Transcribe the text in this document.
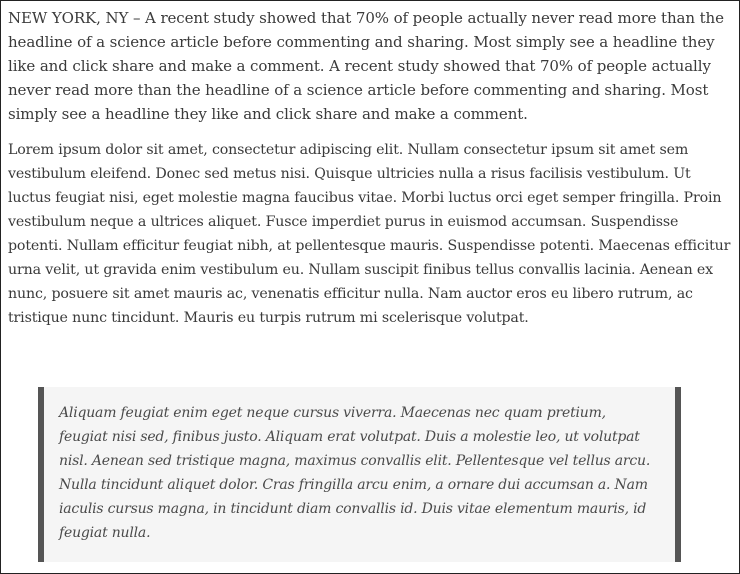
NEW YORK, NY – A recent study showed that 70% of people actually never read more than the headline of a science article before commenting and sharing. Most simply see a headline they like and click share and make a comment. A recent study showed that 70% of people actually never read more than the headline of a science article before commenting and sharing. Most simply see a headline they like and click share and make a comment.

Lorem ipsum dolor sit amet, consectetur adipiscing elit. Nullam consectetur ipsum sit amet sem vestibulum eleifend. Donec sed metus nisi. Quisque ultricies nulla a risus facilisis vestibulum. Ut luctus feugiat nisi, eget molestie magna faucibus vitae. Morbi luctus orci eget semper fringilla. Proin vestibulum neque a ultrices aliquet. Fusce imperdiet purus in euismod accumsan. Suspendisse potenti. Nullam efficitur feugiat nibh, at pellentesque mauris. Suspendisse potenti. Maecenas efficitur urna velit, ut gravida enim vestibulum eu. Nullam suscipit finibus tellus convallis lacinia. Aenean ex nunc, posuere sit amet mauris ac, venenatis efficitur nulla. Nam auctor eros eu libero rutrum, ac tristique nunc tincidunt. Mauris eu turpis rutrum mi scelerisque volutpat.

Aliquam feugiat enim eget neque cursus viverra. Maecenas nec quam pretium, feugiat nisi sed, finibus justo. Aliquam erat volutpat. Duis a molestie leo, ut volutpat nisl. Aenean sed tristique magna, maximus convallis elit. Pellentesque vel tellus arcu. Nulla tincidunt aliquet dolor. Cras fringilla arcu enim, a ornare dui accumsan a. Nam iaculis cursus magna, in tincidunt diam convallis id. Duis vitae elementum mauris, id feugiat nulla.
